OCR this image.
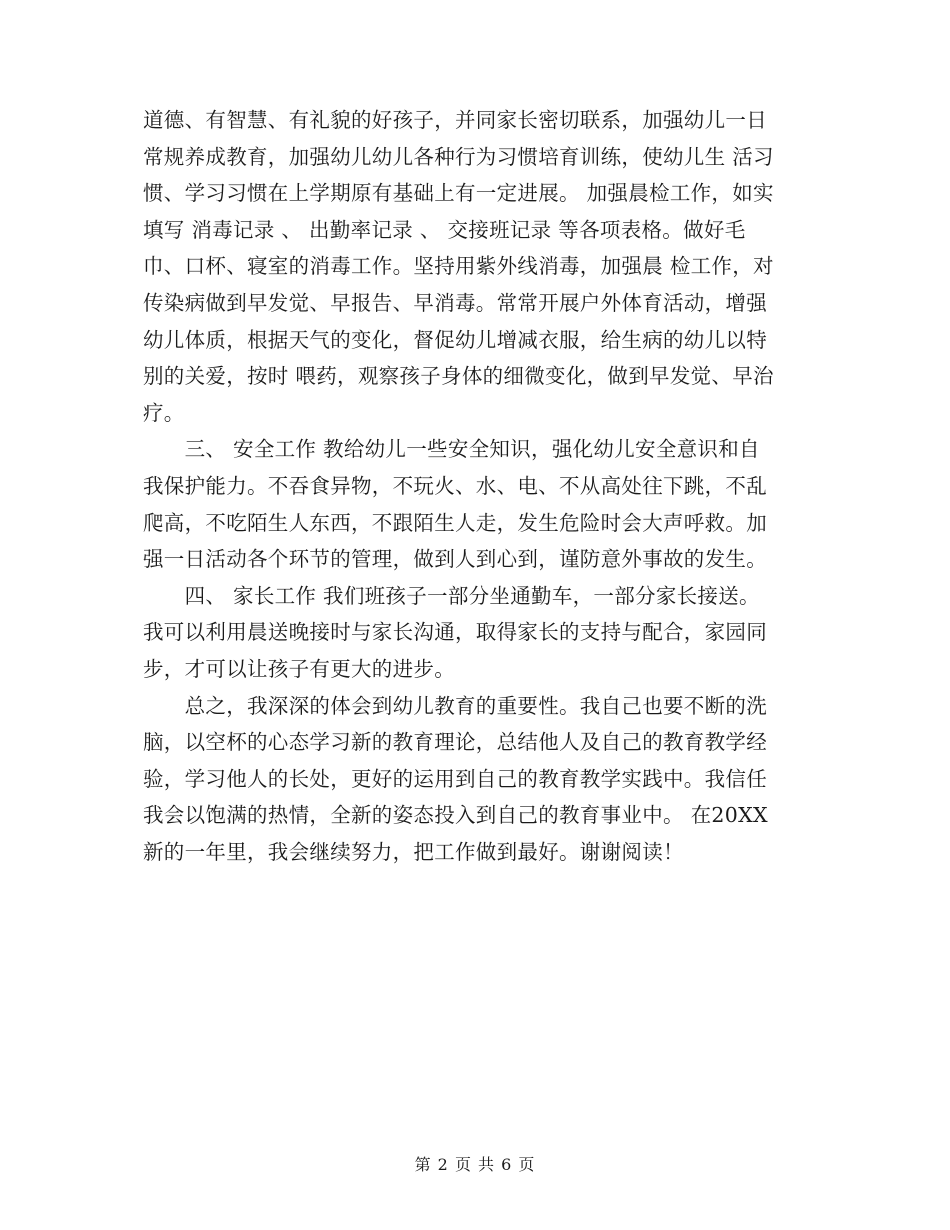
道德、有智慧、有礼貌的好孩子，并同家长密切联系，加强幼儿一日
常规养成教育，加强幼儿幼儿各种行为习惯培育训练，使幼儿生 活习
惯、学习习惯在上学期原有基础上有一定进展。 加强晨检工作，如实
填写 消毒记录 、 出勤率记录 、 交接班记录 等各项表格。做好毛
巾、口杯、寝室的消毒工作。坚持用紫外线消毒，加强晨 检工作，对
传染病做到早发觉、早报告、早消毒。常常开展户外体育活动，增强
幼儿体质，根据天气的变化，督促幼儿增减衣服，给生病的幼儿以特
别的关爱，按时 喂药，观察孩子身体的细微变化，做到早发觉、早治
疗。
　　三、 安全工作 教给幼儿一些安全知识，强化幼儿安全意识和自
我保护能力。不吞食异物，不玩火、水、电、不从高处往下跳，不乱
爬高，不吃陌生人东西，不跟陌生人走，发生危险时会大声呼救。加
强一日活动各个环节的管理，做到人到心到，谨防意外事故的发生。
　　四、 家长工作 我们班孩子一部分坐通勤车，一部分家长接送。
我可以利用晨送晚接时与家长沟通，取得家长的支持与配合，家园同
步，才可以让孩子有更大的进步。
　　总之，我深深的体会到幼儿教育的重要性。我自己也要不断的洗
脑，以空杯的心态学习新的教育理论，总结他人及自己的教育教学经
验，学习他人的长处，更好的运用到自己的教育教学实践中。我信任
我会以饱满的热情，全新的姿态投入到自己的教育事业中。 在20XX
新的一年里，我会继续努力，把工作做到最好。谢谢阅读！
第 2 页 共 6 页
